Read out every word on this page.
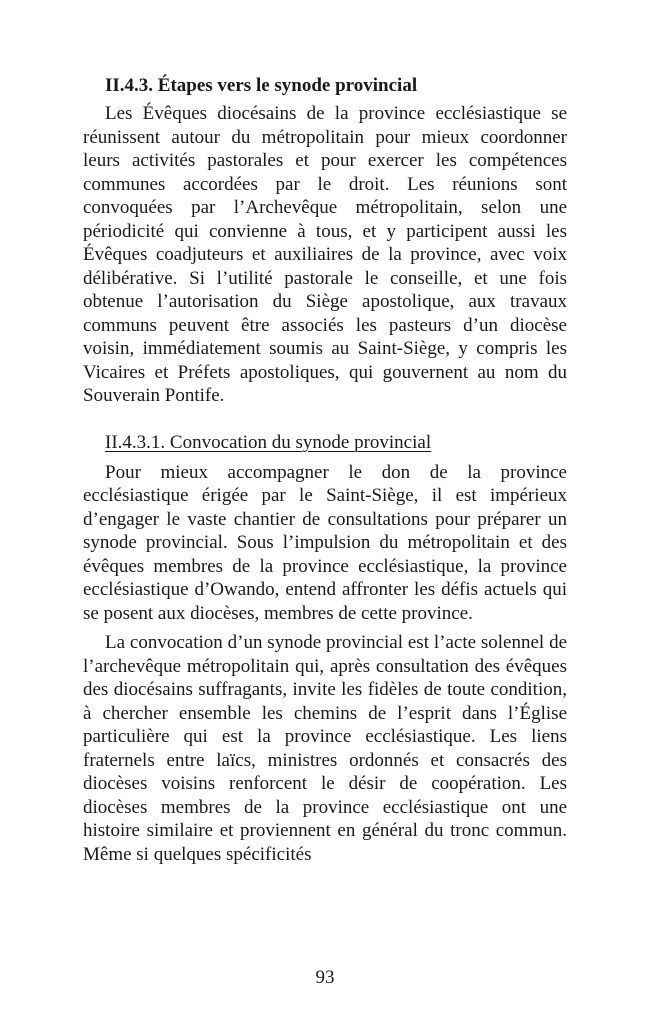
II.4.3. Étapes vers le synode provincial

Les Évêques diocésains de la province ecclésiastique se réunissent autour du métropolitain pour mieux coordonner leurs activités pastorales et pour exercer les compétences communes accordées par le droit. Les réunions sont convoquées par l’Archevêque métropolitain, selon une périodicité qui convienne à tous, et y participent aussi les Évêques coadjuteurs et auxiliaires de la province, avec voix délibérative. Si l’utilité pastorale le conseille, et une fois obtenue l’autorisation du Siège apostolique, aux travaux communs peuvent être associés les pasteurs d’un diocèse voisin, immédiatement soumis au Saint-Siège, y compris les Vicaires et Préfets apostoliques, qui gouvernent au nom du Souverain Pontife.

II.4.3.1. Convocation du synode provincial

Pour mieux accompagner le don de la province ecclésiastique érigée par le Saint-Siège, il est impérieux d’engager le vaste chantier de consultations pour préparer un synode provincial. Sous l’impulsion du métropolitain et des évêques membres de la province ecclésiastique, la province ecclésiastique d’Owando, entend affronter les défis actuels qui se posent aux diocèses, membres de cette province.

La convocation d’un synode provincial est l’acte solennel de l’archevêque métropolitain qui, après consultation des évêques des diocésains suffragants, invite les fidèles de toute condition, à chercher ensemble les chemins de l’esprit dans l’Église particulière qui est la province ecclésiastique. Les liens fraternels entre laïcs, ministres ordonnés et consacrés des diocèses voisins renforcent le désir de coopération. Les diocèses membres de la province ecclésiastique ont une histoire similaire et proviennent en général du tronc commun. Même si quelques spécificités

93
